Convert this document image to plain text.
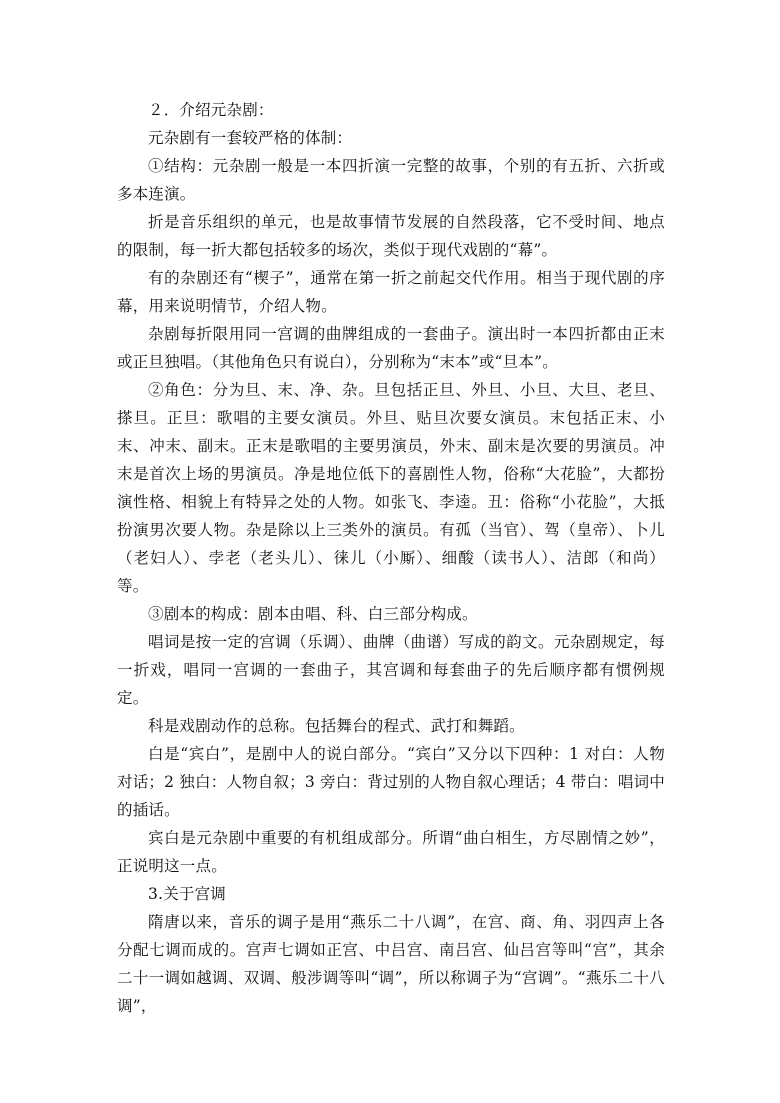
２．介绍元杂剧：

元杂剧有一套较严格的体制：

①结构：元杂剧一般是一本四折演一完整的故事，个别的有五折、六折或多本连演。

折是音乐组织的单元，也是故事情节发展的自然段落，它不受时间、地点的限制，每一折大都包括较多的场次，类似于现代戏剧的“幕”。

有的杂剧还有“楔子”，通常在第一折之前起交代作用。相当于现代剧的序幕，用来说明情节，介绍人物。

杂剧每折限用同一宫调的曲牌组成的一套曲子。演出时一本四折都由正末或正旦独唱。（其他角色只有说白），分别称为“末本”或“旦本”。

②角色：分为旦、末、净、杂。旦包括正旦、外旦、小旦、大旦、老旦、搽旦。正旦：歌唱的主要女演员。外旦、贴旦次要女演员。末包括正末、小末、冲末、副末。正末是歌唱的主要男演员，外末、副末是次要的男演员。冲末是首次上场的男演员。净是地位低下的喜剧性人物，俗称“大花脸”，大都扮演性格、相貌上有特异之处的人物。如张飞、李逵。丑：俗称“小花脸”，大抵扮演男次要人物。杂是除以上三类外的演员。有孤（当官）、驾（皇帝）、卜儿（老妇人）、孛老（老头儿）、徕儿（小厮）、细酸（读书人）、洁郎（和尚）等。

③剧本的构成：剧本由唱、科、白三部分构成。

唱词是按一定的宫调（乐调）、曲牌（曲谱）写成的韵文。元杂剧规定，每一折戏，唱同一宫调的一套曲子，其宫调和每套曲子的先后顺序都有惯例规定。

科是戏剧动作的总称。包括舞台的程式、武打和舞蹈。

白是“宾白”，是剧中人的说白部分。“宾白”又分以下四种：1 对白：人物对话；2 独白：人物自叙；3 旁白：背过别的人物自叙心理话；4 带白：唱词中的插话。

宾白是元杂剧中重要的有机组成部分。所谓“曲白相生，方尽剧情之妙”，正说明这一点。

3.关于宫调

隋唐以来，音乐的调子是用“燕乐二十八调”，在宫、商、角、羽四声上各分配七调而成的。宫声七调如正宫、中吕宫、南吕宫、仙吕宫等叫“宫”，其余二十一调如越调、双调、般涉调等叫“调”，所以称调子为“宫调”。“燕乐二十八调”，
